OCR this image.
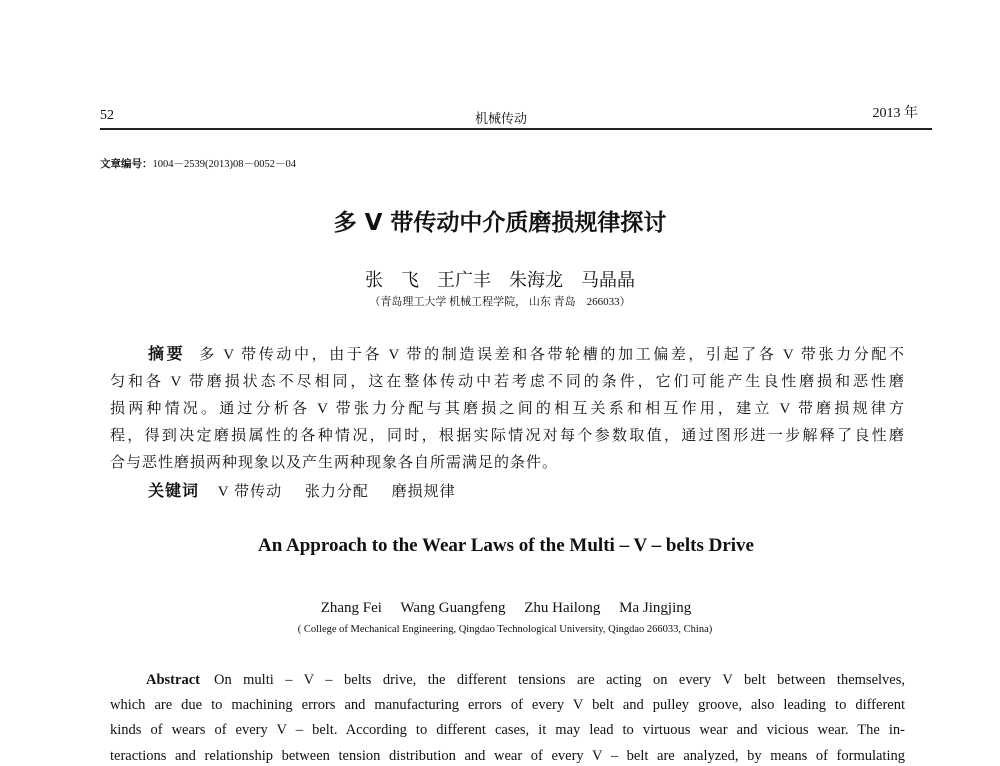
52	机械传动	2013 年
文章编号：1004－2539(2013)08－0052－04
多 V 带传动中介质磨损规律探讨
张　飞　王广丰　朱海龙　马晶晶
（青岛理工大学 机械工程学院， 山东 青岛　266033）
摘要 多 V 带传动中，由于各 V 带的制造误差和各带轮槽的加工偏差，引起了各 V 带张力分配不
匀和各 V 带磨损状态不尽相同，这在整体传动中若考虑不同的条件，它们可能产生良性磨损和恶性磨
损两种情况。通过分析各 V 带张力分配与其磨损之间的相互关系和相互作用，建立 V 带磨损规律方
程，得到决定磨损属性的各种情况，同时，根据实际情况对每个参数取值，通过图形进一步解释了良性磨
合与恶性磨损两种现象以及产生两种现象各自所需满足的条件。
关键词 V 带传动 张力分配 磨损规律
An Approach to the Wear Laws of the Multi – V – belts Drive
Zhang Fei　 Wang Guangfeng　 Zhu Hailong　 Ma Jingjing
( College of Mechanical Engineering, Qingdao Technological University, Qingdao 266033, China)
Abstract On multi – V – belts drive, the different tensions are acting on every V belt between themselves,
which are due to machining errors and manufacturing errors of every V belt and pulley groove, also leading to different
kinds of wears of every V – belt. According to different cases, it may lead to virtuous wear and vicious wear. The in-
teractions and relationship between tension distribution and wear of every V – belt are analyzed, by means of formulating
